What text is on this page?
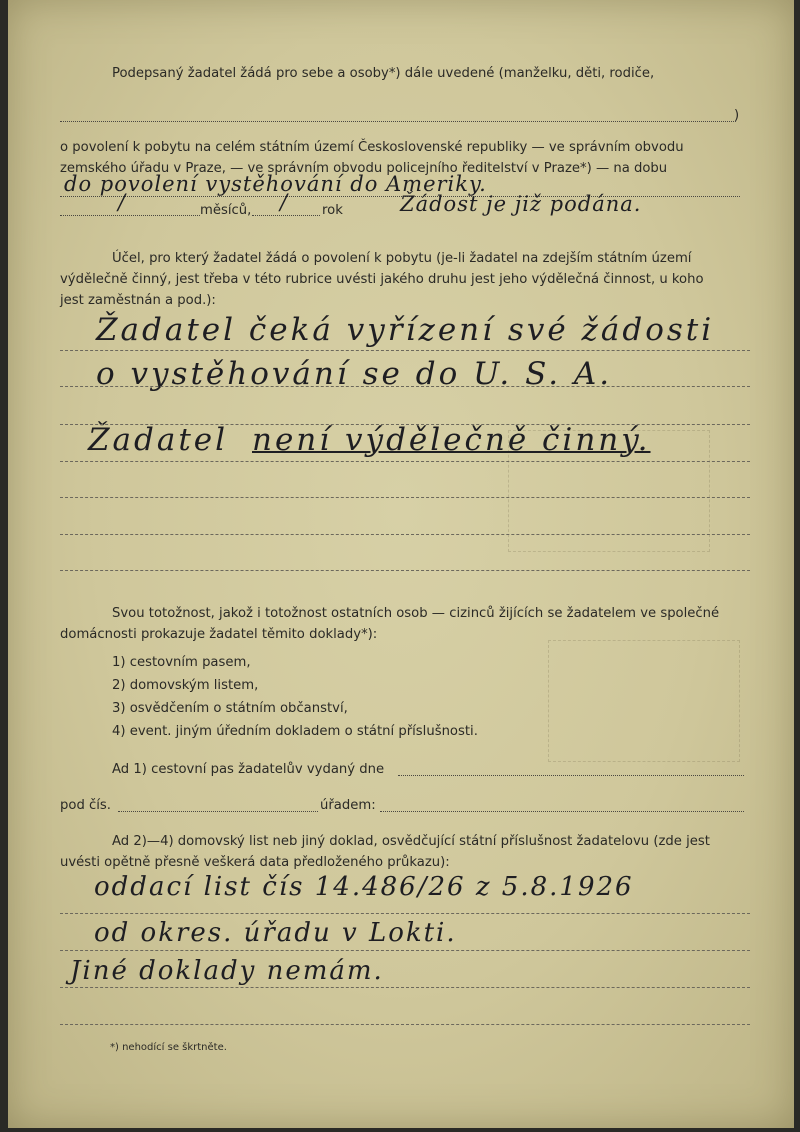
Podepsaný žadatel žádá pro sebe a osoby*) dále uvedené (manželku, děti, rodiče,
)
o povolení k pobytu na celém státním území Československé republiky — ve správním obvodu
zemského úřadu v Praze, — ve správním obvodu policejního ředitelství v Praze*) — na dobu
do povolení vystěhování do Ameriky.
/	měsíců, /	rok	Žádost je již podána.
Účel, pro který žadatel žádá o povolení k pobytu (je-li žadatel na zdejším státním území
výdělečně činný, jest třeba v této rubrice uvésti jakého druhu jest jeho výdělečná činnost, u koho
jest zaměstnán a pod.):
Žadatel čeká vyřízení své žádosti
o vystěhování se do U. S. A.
Žadatel není výdělečně činný.
Svou totožnost, jakož i totožnost ostatních osob — cizinců žijících se žadatelem ve společné
domácnosti prokazuje žadatel těmito doklady*):
1) cestovním pasem,
2) domovským listem,
3) osvědčením o státním občanství,
4) event. jiným úředním dokladem o státní příslušnosti.
Ad 1) cestovní pas žadatelův vydaný dne
pod čís.	úřadem:
Ad 2)—4) domovský list neb jiný doklad, osvědčující státní příslušnost žadatelovu (zde jest
uvésti opětně přesně veškerá data předloženého průkazu):
oddací list čís 14.486/26 z 5.8.1926
od okres. úřadu v Lokti.
Jiné doklady nemám.
*) nehodící se škrtněte.
